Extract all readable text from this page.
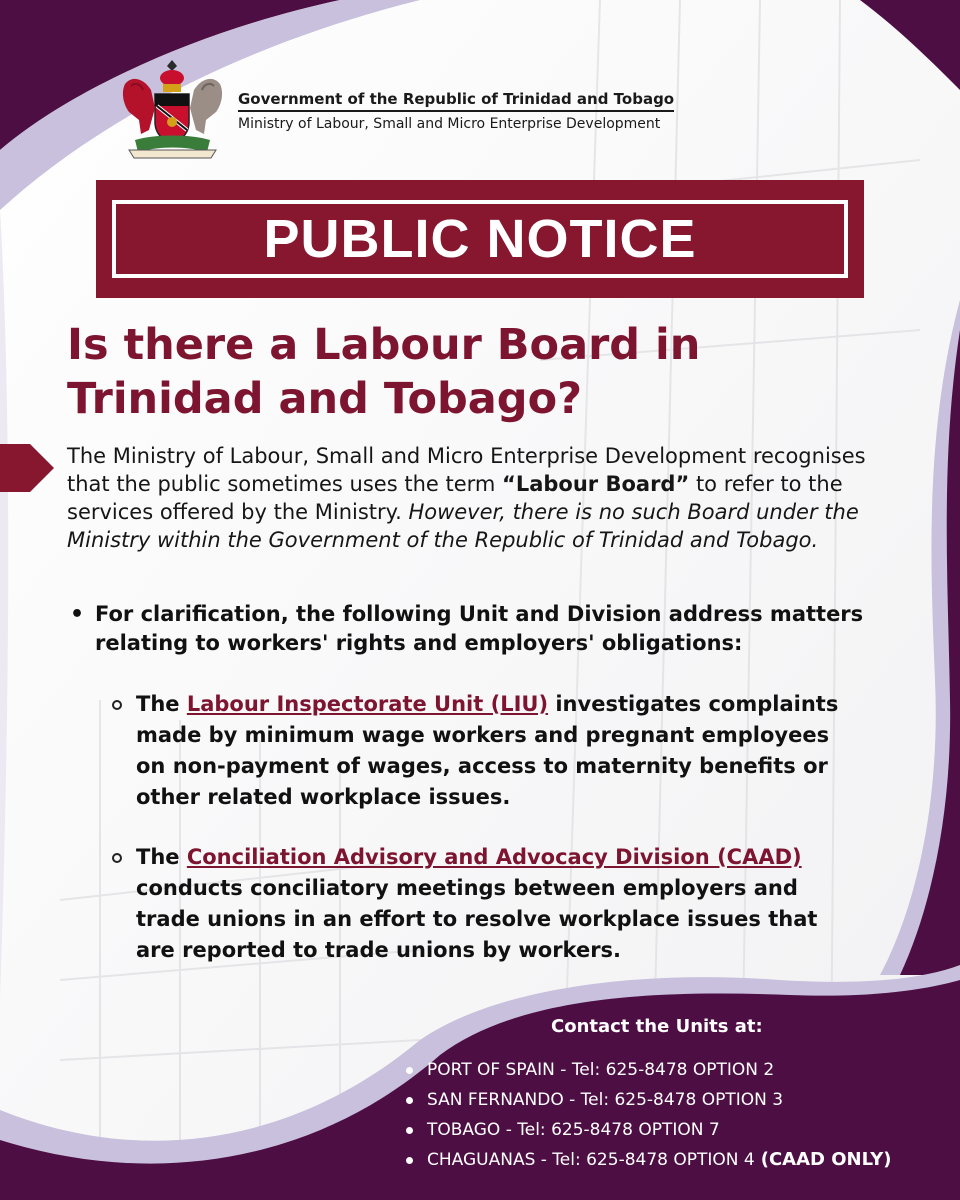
Government of the Republic of Trinidad and Tobago
Ministry of Labour, Small and Micro Enterprise Development
PUBLIC NOTICE
Is there a Labour Board in Trinidad and Tobago?

The Ministry of Labour, Small and Micro Enterprise Development recognises that the public sometimes uses the term “Labour Board” to refer to the services offered by the Ministry. However, there is no such Board under the Ministry within the Government of the Republic of Trinidad and Tobago.

• For clarification, the following Unit and Division address matters relating to workers' rights and employers' obligations:
The Labour Inspectorate Unit (LIU) investigates complaints made by minimum wage workers and pregnant employees on non-payment of wages, access to maternity benefits or other related workplace issues.
The Conciliation Advisory and Advocacy Division (CAAD) conducts conciliatory meetings between employers and trade unions in an effort to resolve workplace issues that are reported to trade unions by workers.
Contact the Units at:
PORT OF SPAIN - Tel: 625-8478 OPTION 2
SAN FERNANDO - Tel: 625-8478 OPTION 3
TOBAGO - Tel: 625-8478 OPTION 7
CHAGUANAS - Tel: 625-8478 OPTION 4 (CAAD ONLY)
